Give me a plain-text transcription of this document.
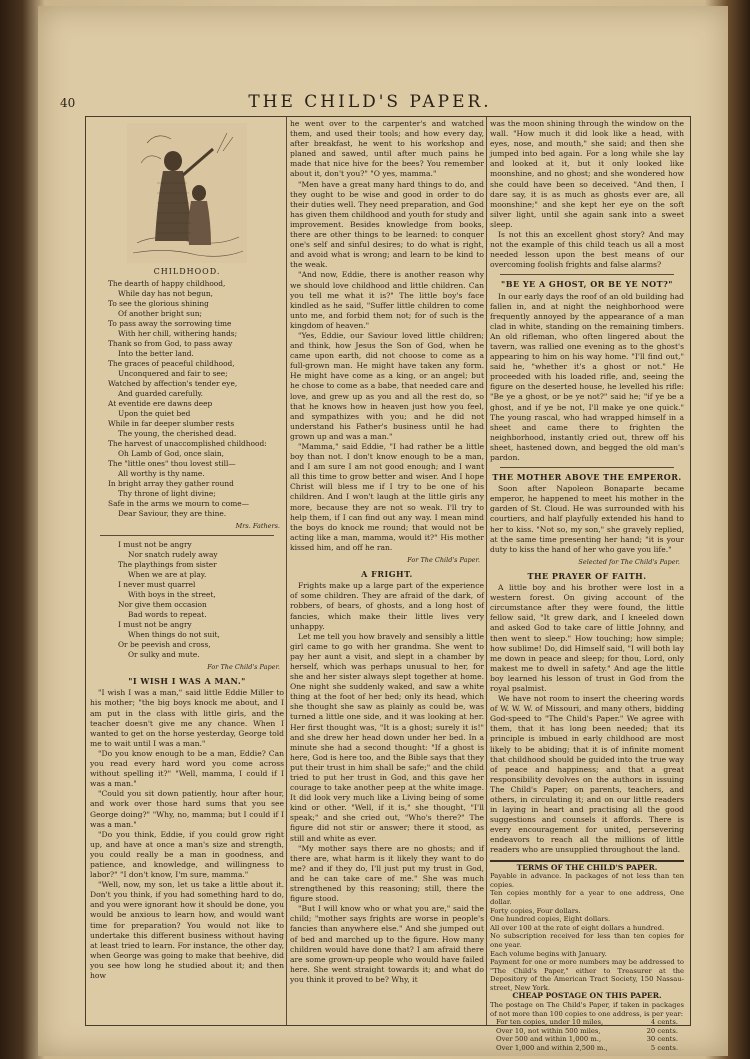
40	THE CHILD'S PAPER.
CHILDHOOD.
The dearth of happy childhood,
While day has not begun,
To see the glorious shining
Of another bright sun;
To pass away the sorrowing time
With her chill, withering hands;
Thank so from God, to pass away
Into the better land.
The graces of peaceful childhood,
Unconquered and fair to see;
Watched by affection's tender eye,
And guarded carefully.
At eventide ere dawns deep
Upon the quiet bed
While in far deeper slumber rests
The young, the cherished dead.
The harvest of unaccomplished childhood:
Oh Lamb of God, once slain,
The "little ones" thou lovest still—
All worthy is thy name.
In bright array they gather round
Thy throne of light divine;
Safe in the arms we mourn to come—
Dear Saviour, they are thine.
Mrs. Fathers.
I must not be angry
Nor snatch rudely away
The playthings from sister
When we are at play.
I never must quarrel
With boys in the street,
Nor give them occasion
Bad words to repeat.
I must not be angry
When things do not suit,
Or be peevish and cross,
Or sulky and mute.
For The Child's Paper.
"I WISH I WAS A MAN."

"I wish I was a man," said little Eddie Miller to his mother; "the big boys knock me about, and I am put in the class with little girls, and the teacher doesn't give me any chance. When I wanted to get on the horse yesterday, George told me to wait until I was a man."

"Do you know enough to be a man, Eddie? Can you read every hard word you come across without spelling it?" "Well, mamma, I could if I was a man."

"Could you sit down patiently, hour after hour, and work over those hard sums that you see George doing?" "Why, no, mamma; but I could if I was a man."

"Do you think, Eddie, if you could grow right up, and have at once a man's size and strength, you could really be a man in goodness, and patience, and knowledge, and willingness to labor?" "I don't know, I'm sure, mamma."

"Well, now, my son, let us take a little about it. Don't you think, if you had something hard to do, and you were ignorant how it should be done, you would be anxious to learn how, and would want time for preparation? You would not like to undertake this different business without having at least tried to learn. For instance, the other day, when George was going to make that beehive, did you see how long he studied about it; and then how

he went over to the carpenter's and watched them, and used their tools; and how every day, after breakfast, he went to his workshop and planed and sawed, until after much pains he made that nice hive for the bees? You remember about it, don't you?" "O yes, mamma."

"Men have a great many hard things to do, and they ought to be wise and good in order to do their duties well. They need preparation, and God has given them childhood and youth for study and improvement. Besides knowledge from books, there are other things to be learned: to conquer one's self and sinful desires; to do what is right, and avoid what is wrong; and learn to be kind to the weak.

"And now, Eddie, there is another reason why we should love childhood and little children. Can you tell me what it is?" The little boy's face kindled as he said, "Suffer little children to come unto me, and forbid them not; for of such is the kingdom of heaven."

"Yes, Eddie, our Saviour loved little children; and think, how Jesus the Son of God, when he came upon earth, did not choose to come as a full-grown man. He might have taken any form. He might have come as a king, or an angel; but he chose to come as a babe, that needed care and love, and grew up as you and all the rest do, so that he knows how in heaven just how you feel, and sympathizes with you; and he did not understand his Father's business until he had grown up and was a man."

"Mamma," said Eddie, "I had rather be a little boy than not. I don't know enough to be a man, and I am sure I am not good enough; and I want all this time to grow better and wiser. And I hope Christ will bless me if I try to be one of his children. And I won't laugh at the little girls any more, because they are not so weak. I'll try to help them, if I can find out any way. I mean mind the boys do knock me round; that would not be acting like a man, mamma, would it?" His mother kissed him, and off he ran.

For The Child's Paper.
A FRIGHT.

Frights make up a large part of the experience of some children. They are afraid of the dark, of robbers, of bears, of ghosts, and a long host of fancies, which make their little lives very unhappy.

Let me tell you how bravely and sensibly a little girl came to go with her grandma. She went to pay her aunt a visit, and slept in a chamber by herself, which was perhaps unusual to her, for she and her sister always slept together at home. One night she suddenly waked, and saw a white thing at the foot of her bed; only its head, which she thought she saw as plainly as could be, was turned a little one side, and it was looking at her. Her first thought was, "It is a ghost; surely it is!" and she drew her head down under her bed. In a minute she had a second thought: "If a ghost is here, God is here too, and the Bible says that they put their trust in him shall be safe;" and the child tried to put her trust in God, and this gave her courage to take another peep at the white image. It did look very much like a Living being of some kind or other. "Well, if it is," she thought, "I'll speak;" and she cried out, "Who's there?" The figure did not stir or answer; there it stood, as still and white as ever.

"My mother says there are no ghosts; and if there are, what harm is it likely they want to do me? and if they do, I'll just put my trust in God, and he can take care of me." She was much strengthened by this reasoning; still, there the figure stood.

"But I will know who or what you are," said the child; "mother says frights are worse in people's fancies than anywhere else." And she jumped out of bed and marched up to the figure. How many children would have done that? I am afraid there are some grown-up people who would have failed here. She went straight towards it; and what do you think it proved to be? Why, it

was the moon shining through the window on the wall. "How much it did look like a head, with eyes, nose, and mouth," she said; and then she jumped into bed again. For a long while she lay and looked at it, but it only looked like moonshine, and no ghost; and she wondered how she could have been so deceived. "And then, I dare say, it is as much as ghosts ever are, all moonshine;" and she kept her eye on the soft silver light, until she again sank into a sweet sleep.

Is not this an excellent ghost story? And may not the example of this child teach us all a most needed lesson upon the best means of our overcoming foolish frights and false alarms?

"BE YE A GHOST, OR BE YE NOT?"

In our early days the roof of an old building had fallen in, and at night the neighborhood were frequently annoyed by the appearance of a man clad in white, standing on the remaining timbers. An old rifleman, who often lingered about the tavern, was rallied one evening as to the ghost's appearing to him on his way home. "I'll find out," said he, "whether it's a ghost or not." He proceeded with his loaded rifle, and, seeing the figure on the deserted house, he levelled his rifle: "Be ye a ghost, or be ye not?" said he; "if ye be a ghost, and if ye be not, I'll make ye one quick." The young rascal, who had wrapped himself in a sheet and came there to frighten the neighborhood, instantly cried out, threw off his sheet, hastened down, and begged the old man's pardon.

THE MOTHER ABOVE THE EMPEROR.

Soon after Napoleon Bonaparte became emperor, he happened to meet his mother in the garden of St. Cloud. He was surrounded with his courtiers, and half playfully extended his hand to her to kiss. "Not so, my son," she gravely replied, at the same time presenting her hand; "it is your duty to kiss the hand of her who gave you life."

Selected for The Child's Paper.
THE PRAYER OF FAITH.

A little boy and his brother were lost in a western forest. On giving account of the circumstance after they were found, the little fellow said, "It grew dark, and I kneeled down and asked God to take care of little Johnny, and then went to sleep." How touching; how simple; how sublime! Do, did Himself said, "I will both lay me down in peace and sleep; for thou, Lord, only makest me to dwell in safety." And age the little boy learned his lesson of trust in God from the royal psalmist.

We have not room to insert the cheering words of W. W. W. of Missouri, and many others, bidding God-speed to "The Child's Paper." We agree with them, that it has long been needed; that its principle is imbued in early childhood are most likely to be abiding; that it is of infinite moment that childhood should be guided into the true way of peace and happiness; and that a great responsibility devolves on the authors in issuing The Child's Paper; on parents, teachers, and others, in circulating it; and on our little readers in laying in heart and practising all the good suggestions and counsels it affords. There is every encouragement for united, persevering endeavors to reach all the millions of little readers who are unsupplied throughout the land.

TERMS OF THE CHILD'S PAPER.
Payable in advance. In packages of not less than ten copies.
Ten copies monthly for a year to one address, One dollar.
Forty copies, Four dollars.
One hundred copies, Eight dollars.
All over 100 at the rate of eight dollars a hundred.
No subscription received for less than ten copies for one year.
Each volume begins with January.
Payment for one or more numbers may be addressed to "The Child's Paper," either to Treasurer at the Depository of the American Tract Society, 150 Nassau-street, New York.
CHEAP POSTAGE ON THIS PAPER.
The postage on The Child's Paper, if taken in packages of not more than 100 copies to one address, is per year:
For ten copies, under 10 miles,	4 cents.
Over 10, not within 500 miles,	20 cents.
Over 500 and within 1,000 m.,	30 cents.
Over 1,000 and within 2,500 m.,	5 cents.
